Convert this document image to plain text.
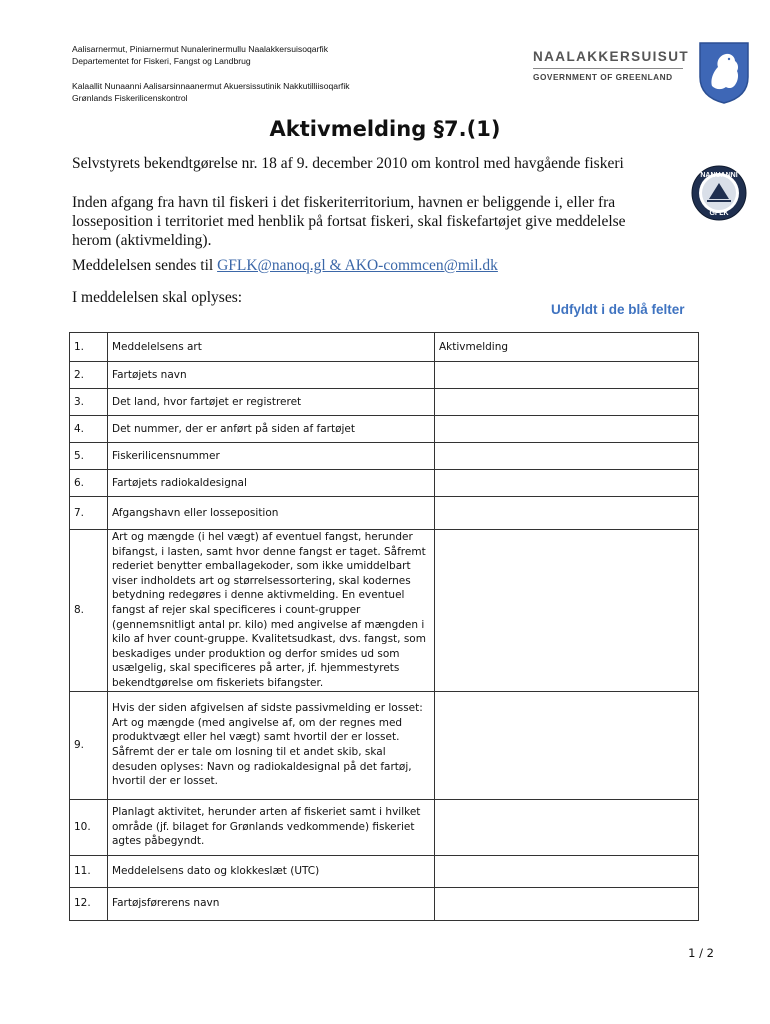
Aalisarnermut, Piniarnermut Nunalerinermullu Naalakkersuisoqarfik
Departementet for Fiskeri, Fangst og Landbrug
Kalaallit Nunaanni Aalisarsinnaanermut Akuersissutinik Nakkutilliisoqarfik
Grønlands Fiskerilicenskontrol
NAALAKKERSUISUT
GOVERNMENT OF GREENLAND
NANUANNI
GFLK
Aktivmelding §7.(1)
Selvstyrets bekendtgørelse nr. 18 af 9. december 2010 om kontrol med havgående fiskeri
Inden afgang fra havn til fiskeri i det fiskeriterritorium, havnen er beliggende i, eller fra losseposition i territoriet med henblik på fortsat fiskeri, skal fiskefartøjet give meddelelse herom (aktivmelding).
Meddelelsen sendes til GFLK@nanoq.gl & AKO-commcen@mil.dk
I meddelelsen skal oplyses:
Udfyldt i de blå felter
1.	Meddelelsens art	Aktivmelding
2.	Fartøjets navn	
3.	Det land, hvor fartøjet er registreret	
4.	Det nummer, der er anført på siden af fartøjet	
5.	Fiskerilicensnummer	
6.	Fartøjets radiokaldesignal	
7.	Afgangshavn eller losseposition	
8.	Art og mængde (i hel vægt) af eventuel fangst, herunder bifangst, i lasten, samt hvor denne fangst er taget. Såfremt rederiet benytter emballagekoder, som ikke umiddelbart viser indholdets art og størrelsessortering, skal kodernes betydning redegøres i denne aktivmelding. En eventuel fangst af rejer skal specificeres i count-grupper (gennemsnitligt antal pr. kilo) med angivelse af mængden i kilo af hver count-gruppe. Kvalitetsudkast, dvs. fangst, som beskadiges under produktion og derfor smides ud som usælgelig, skal specificeres på arter, jf. hjemmestyrets bekendtgørelse om fiskeriets bifangster.	
9.	Hvis der siden afgivelsen af sidste passivmelding er losset: Art og mængde (med angivelse af, om der regnes med produktvægt eller hel vægt) samt hvortil der er losset. Såfremt der er tale om losning til et andet skib, skal desuden oplyses: Navn og radiokaldesignal på det fartøj, hvortil der er losset.	
10.	Planlagt aktivitet, herunder arten af fiskeriet samt i hvilket område (jf. bilaget for Grønlands vedkommende) fiskeriet agtes påbegyndt.	
11.	Meddelelsens dato og klokkeslæt (UTC)	
12.	Fartøjsførerens navn	
1 / 2
